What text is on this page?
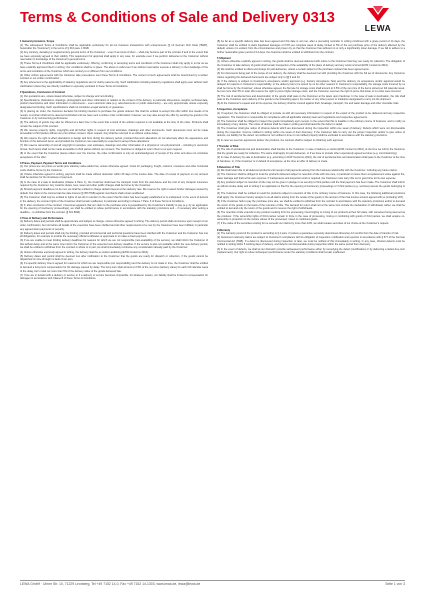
Terms & Conditions of Sale and Delivery 0313
LEWA
1 General provisions, Scope
(1) The subsequent Terms & Conditions shall be applicable exclusively for all our business transactions with entrepreneurs (§ 14 German Civil Code ('BGB'), hereinafter the 'Customer') in the terms of § 310 para. 1 BGB.
(2) Any contrary, deviating or supplementary general terms of the Customer – even if we know of them – shall only become part of the contract if and to the extent that we have expressly agreed to their validity. This requirement for approval shall apply in any case, for example even if we perform deliveries to the Customer without reservation in knowledge of the Customer's general terms.
(3) These Terms & Conditions shall be applicable exclusively. Offering, confirming or accepting terms and conditions of the Customer shall only apply in so far as we have explicitly approved them in writing. Our conditions shall be in place. The above is valid even if we without reservation execute a delivery in the knowledge of the terms and conditions of the Customer which are contrary to or different from our conditions.
(4) Other written agreements with the Customer take precedence over these Terms & Conditions. The content of such agreements shall be determined by a written contract or our written confirmation.
(5) Any references to the applicability of statutory regulations are for clarity reasons only. Such clarification including statutory regulations shall apply even without such clarification unless they are directly modified or expressly excluded in these Terms & Conditions.
2 Quotations, Conclusion of Contract
(1) Our quotations are, unless stated otherwise, subject to change and non-binding.
(2) Specifications, illustrations, drawings, photographs and other information in relation to the content of the delivery, in particular dimensions, weights, technical data, product descriptions and other information in documents – even electronic data (e.g. advertisements or public statements) – are only approximate unless expressly designated as binding. Such specifications shall not constitute a legal warranty or guarantee.
(3) In placing an order, the Customer declares his binding intention to purchase the goods ordered. We shall be entitled to accept this offer within four weeks of its receipt. A contract shall not be deemed concluded until we have sent a written order confirmation; however, we may also accept the offer by sending the goods to the Customer or by commencing performance.
(4) The delivery of goods may also be offered at a later time in the event that a stock of the articles required is not available at the time of the order. Products shall remain the subject of this contract.
(5) We reserve property rights, copyrights and all further rights in respect of cost estimates, drawings and other documents. Such documents must not be made accessible to third parties without our prior written consent. Upon request, they shall be returned to us without undue delay.
(6) We reserve the right to effect alterations in design and form during the delivery period, provided that such alterations do not adversely affect the appearance and function of the delivered items, and provided the Customer can reasonably be expected to accept these alterations.
(7) We reserve ownership of and all copyright to samples, cost estimates, drawings and other information of a physical or non-physical kind – including in electronic format. Such items shall not be made accessible to third parties without our consent. The Customer is obliged to return them to us upon request.
(8) In the event that the Customer places orders over the internet, the order confirmation is only an acknowledgment of receipt of the order and does not constitute acceptance of the offer.
3 Prices, Payment, Payment Terms and Conditions
(1) Our prices are net prices ex works plus statutory value-added tax, unless otherwise agreed. Costs for packaging, freight, customs, insurance and other incidental costs shall be borne by the Customer.
(2) Unless otherwise agreed in writing, payment shall be made without deduction within 30 days of the invoice date. The date of receipt of payment on our account shall be decisive for the timeliness of payment.
(3) In the case of a sale to destination (Clause 4 Para. 1), the Customer shall bear the transport costs from the warehouse and the cost of any transport insurance required by the Customer. Any customs duties, fees, taxes and other public charges shall be borne by the Customer.
(4) Should payment deadlines not be met, we shall be entitled to charge default interest at the statutory rate. We reserve the right to assert further damages caused by default. Our claim to the commercial due date interest (§ 353 HGB) against merchants shall remain unaffected.
(5) The Customer shall only be entitled to rights of set-off or retention to the extent that his claim has been legally established or is undisputed. In the event of defects in the delivery, the counter rights of the Customer shall remain unaffected, in particular according to Clause 7 Para. 6 of these Terms & Conditions.
(6) If, after conclusion of the contract, it becomes apparent that our claim to the purchase price is jeopardised by the Customer's inability to pay (e.g. by an application for the opening of insolvency proceedings), we shall be entitled to refuse performance in accordance with the statutory provisions and – if necessary after setting a deadline – to withdraw from the contract (§ 321 BGB).
4 Time of Delivery and Performance
(1) Delivery dates and periods shall be approximate and subject to change, unless otherwise agreed in writing. The delivery period shall commence upon receipt of our order confirmation, but not before all details of the execution have been clarified and all other requirements to be met by the Customer have been fulfilled, in particular any agreed down-payments or security.
(2) Delivery dates and periods shall only be binding, provided all commercial and technical questions have been clarified with the Customer and the Customer has met all obligations, for example to provide the necessary official certificates or approvals or to make a down-payment.
(3) If we are unable to meet binding delivery deadlines for reasons for which we are not responsible (non-availability of the service), we shall inform the Customer of this without delay and at the same time inform the Customer of the expected new delivery deadline. If the service is also not available within the new delivery period, we shall be entitled to withdraw from the contract in whole or in part; we shall immediately reimburse any consideration already paid by the Customer.
(4) Unless otherwise expressly agreed in writing, the delivery shall be ex works Landsberg (EXW Incoterms 2010).
(5) Delivery dates and period shall be deemed met after notification to the Customer that the goods are ready for dispatch or collection, if the goods cannot be dispatched on time through no fault of our own.
(6) If a specific delivery time is agreed for reasons for which we are responsible (our responsibility) and the delivery is not made in time, the Customer shall be entitled to demand a lump-sum compensation for his damage caused by delay. The lump sum shall amount to 0.5% of the net price (delivery value) for each full calendar week of the delay, but in total not more than 5% of the delivery value of the goods delivered late.
(7) If we are in default with a delivery or service or if a delivery or service becomes impossible, for whatever reason, our liability shall be limited to compensation for damages in accordance with Clause 8 of these Terms & Conditions.
(8) As far as a specific delivery date has been agreed and this date is not met, after a preceding reminder in writing combined with a grace period of 14 days, the Customer shall be entitled to claim liquidated damages of 0.5% per complete week of delay, limited to 5% of the net purchase price of the delivery affected by the default, unless it is evident from the circumstances and proven by us that the Customer has suffered no or only a significantly lower damage. If we fail to adhere to a further reasonable grace period of 14 days, the Customer shall be entitled to withdraw from the contract.
5 Shipment
(1) Unless otherwise explicitly agreed in writing, the goods shall be deemed delivered with notice to the Customer that they are ready for collection. The obligation of the Customer to take delivery of goods shall remain irrespective of the availability of the place of delivery and any costs incurred (EXW, Incoterms 2010).
(2) We shall be entitled to effect and charge for part-deliveries, unless a certain subject of the purchase contract has been agreed upon.
(3) For documents being part of the scope of our delivery, the delivery shall be deemed met with providing the Customer with the full set of documents. Any Customer claims regarding the delivered documents are subject only to §§ 9 and 10.
(4) If the delivery is subject to Customer's acceptance and/or approval (e.g. Factory Acceptance Test) and the delivery, its acceptance and/or approval would be delayed for reasons in Customer's responsibility, or the delivery has to be stored by us for other reasons in Customer's responsibility, the storage costs incurred by us shall be borne by the Customer; unless otherwise agreed, the flat rate for storage costs shall amount to 0.5% of the net price of the items stored per full calendar week, but not more than 5% in total. We reserve the right to prove higher storage costs, and the Customer reserves the right to prove that lower or no costs were incurred.
(5) The risk of accidental loss and deterioration of the goods shall pass to the Customer at the latest upon handover. In the case of sale to destination, the risk shall pass to the Customer upon delivery of the goods to the forwarding agent, the carrier or any other person or institution designated to carry out the shipment.
(6) At the Customer's request and at his expense, the delivery shall be insured against theft, breakage, transport, fire and water damage and other insurable risks.
6 Inspection, Acceptance
(1) If required, the Customer shall be obliged to provide us with all necessary information in respect of the export of the product to be delivered and any respective regulations. The Customer is responsible for compliance with all applicable statutory laws and regulations and respective agreements.
(2) The Customer shall be obliged to inspect the goods immediately upon receipt, to the extent that this is feasible in the ordinary course of business, and to notify us immediately of any defects. The notice of defects shall be made in writing and shall describe the defect in detail.
(3) The Customer shall give notice of obvious defects which are discovered during the inspection within one week of delivery. Defects which were not discoverable during the inspection must be notified in writing within one week of their discovery. If the Customer fails to carry out the proper inspection and/or to give notice of defects, our liability for the defect not notified or not notified in time or not notified properly shall be excluded in accordance with the statutory provisions.
(4) In case we need an approval to deliver the products, the contract shall be subject to obtaining such approval.
7 Transfer of Risk
(1) The risk of accidental loss and deterioration shall transfer to the Customer, in case of delivery ex works (EXW, Incoterms 2010), at the time we inform the Customer that the goods are ready for collection. The same shall apply for part-deliveries, or if we have to provide other expensively agreed services (e.g. commissioning).
(2) In case of delivery by sale to destination (e.g. according to DAP Incoterms 2010), the risk of accidental loss and deterioration shall pass to the Customer at the time of handover, or, if the Customer is in default of acceptance, at the time an offer of delivery is made.
8 Retention of Title
(1) We shall retain title to all delivered products until receipt of all payments arising from the business relationship with the Customer, including any future claims.
(2) The Customer shall be obliged to treat the products delivered subject to retention of title with due care, in particular to insure them at replacement value against fire, water damage and theft at his own expense. If maintenance and inspection work is required, the Customer must carry this out in good time at his own expense.
(3) Any products subject to retention of title may not be given in pledge or as security to third parties until the final payment has been made. The Customer shall inform us without undue delay and in writing if an application is filed for the opening of insolvency proceedings or if third parties (e.g. seizures) access the goods belonging to us.
(4) The Customer shall be entitled to resell the products subject to retention of title in the ordinary course of business. In this case, the following additional provisions shall apply: the Customer hereby assigns to us all claims arising from the resale of the goods in the amount of the final invoice amount agreed with us (including VAT).
(5) If the Customer fails to pay the purchase price due, we shall be entitled to withdraw from the contract in accordance with the statutory provisions and/or to demand the return of the goods on the basis of the retention of title. The demand for return shall not at the same time include the declaration of withdrawal; rather, we shall be entitled to demand only the return of the goods and to reserve the right of withdrawal.
(6) The retention of title extends to any product resulting from the processing, intermingling or mixing of our products at their full value, with ourselves being deemed as the producer. If the ownership rights of third parties remain in force in the case of processing, mixing or combining with goods of third parties, we shall acquire co-ownership in proportion to the invoice values of the processed, mixed or combined goods.
(7) If the value of the securities existing for us exceeds our claims by more than 10%, we shall release securities of our choice at the Customer's request.
9 Warranty
(1) The warranty period of the product is according to § 2 para. 2 (unless a guarantee expressly determined otherwise) 12 months from the date of transfer of risk.
(2) Customer's warranty claims are subject to Customer's compliance with its obligation of inspection, notification and rejection in accordance with § 377 of the German Commercial Act (HGB). If a defect is discovered during inspection or later, we must be notified of this immediately in writing. In any case, obvious defects must be notified in writing within 5 working days of delivery, and defects not discoverable during inspection within the same period from discovery.
(3) In the event of defects, we shall at our discretion provide subsequent performance either by remedying the defect (rectification) or by delivering a defect-free item (replacement). Our right to refuse subsequent performance under the statutory conditions shall remain unaffected.
LEWA GmbH · Ulmer Str. 10, 71229 Leonberg, Tel +49 7152 14-0, Fax +49 7152 14-1303, www.lewa.de, lewa@lewa.de	Seite 1 von 3
